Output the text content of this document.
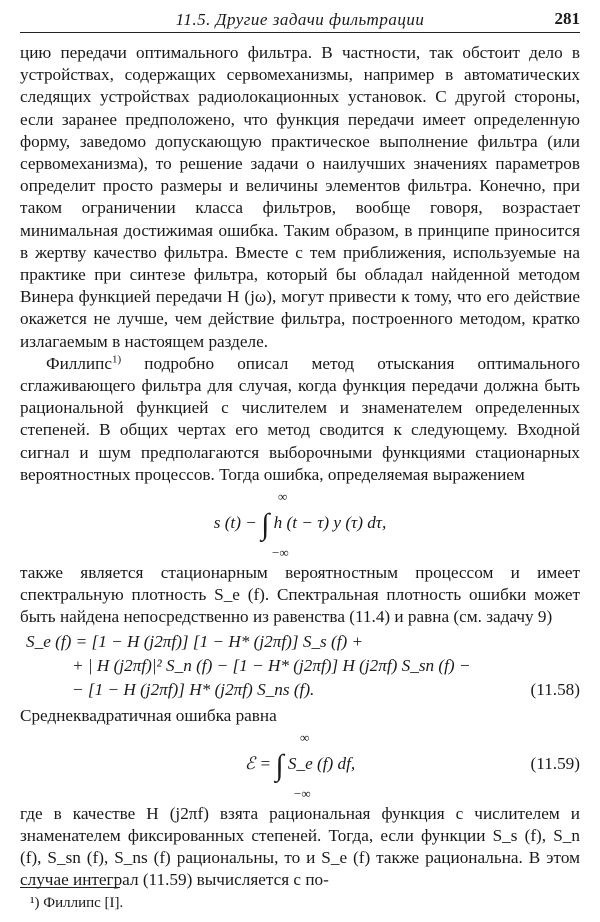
11.5. Другие задачи фильтрации	281

цию передачи оптимального фильтра. В частности, так обстоит дело в устройствах, содержащих сервомеханизмы, например в автоматических следящих устройствах радиолокационных установок. С другой стороны, если заранее предположено, что функция передачи имеет определенную форму, заведомо допускающую практическое выполнение фильтра (или сервомеханизма), то решение задачи о наилучших значениях параметров определит просто размеры и величины элементов фильтра. Конечно, при таком ограничении класса фильтров, вообще говоря, возрастает минимальная достижимая ошибка. Таким образом, в принципе приносится в жертву качество фильтра. Вместе с тем приближения, используемые на практике при синтезе фильтра, который бы обладал найденной методом Винера функцией передачи H (jω), могут привести к тому, что его действие окажется не лучше, чем действие фильтра, построенного методом, кратко излагаемым в настоящем разделе.

Филлипс$^{1)}$ подробно описал метод отыскания оптимального сглаживающего фильтра для случая, когда функция передачи должна быть рациональной функцией с числителем и знаменателем определенных степеней. В общих чертах его метод сводится к следующему. Входной сигнал и шум предполагаются выборочными функциями стационарных вероятностных процессов. Тогда ошибка, определяемая выражением

∞
s (t) − ∫ h (t − τ) y (τ) dτ,
−∞

также является стационарным вероятностным процессом и имеет спектральную плотность S_e (f). Спектральная плотность ошибки может быть найдена непосредственно из равенства (11.4) и равна (см. задачу 9)

S_e (f) = [1 − H (j2πf)] [1 − H* (j2πf)] S_s (f) +
+ | H (j2πf)|² S_n (f) − [1 − H* (j2πf)] H (j2πf) S_sn (f) −
− [1 − H (j2πf)] H* (j2πf) S_ns (f).	(11.58)

Среднеквадратичная ошибка равна

∞
ℰ = ∫ S_e (f) df,
−∞
(11.59)

где в качестве H (j2πf) взята рациональная функция с числителем и знаменателем фиксированных степеней. Тогда, если функции S_s (f), S_n (f), S_sn (f), S_ns (f) рациональны, то и S_e (f) также рациональна. В этом случае интеграл (11.59) вычисляется с по-

¹) Филлипс [I].
